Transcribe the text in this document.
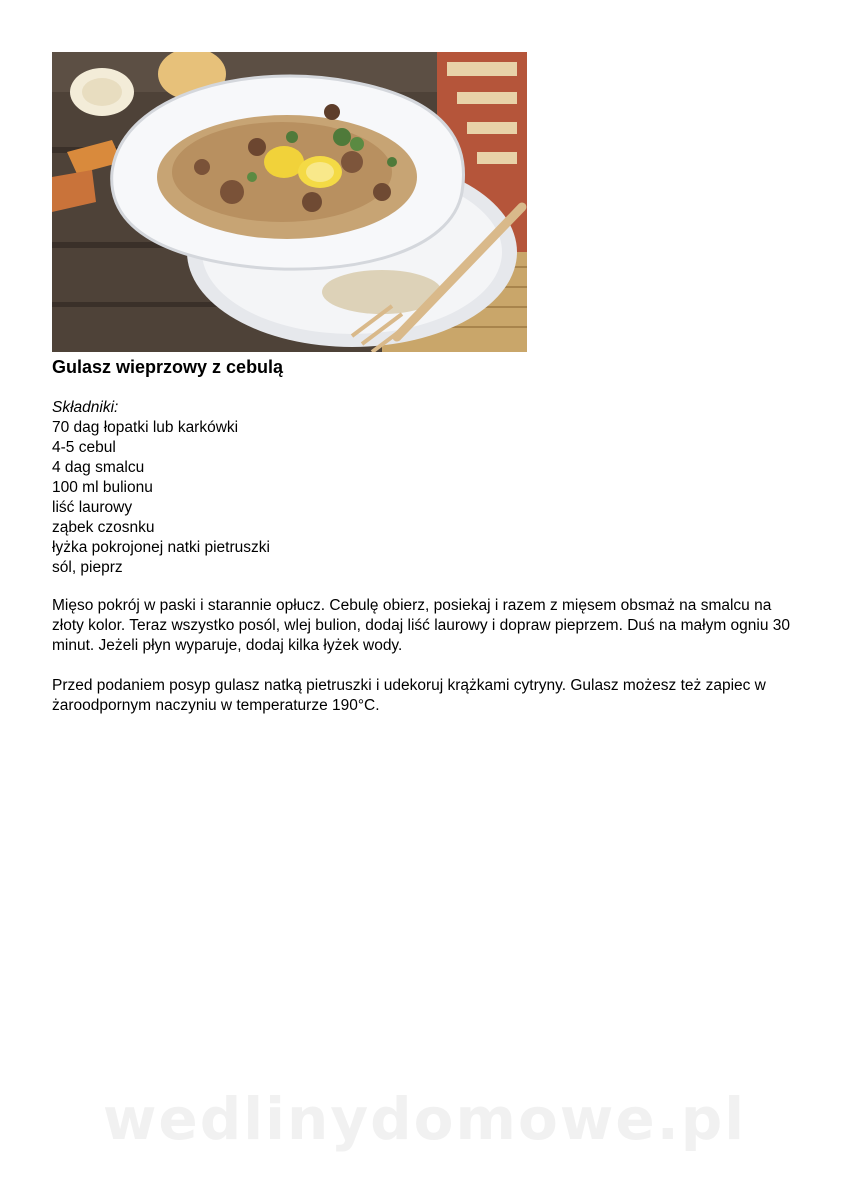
Gulasz wieprzowy z cebulą
Składniki:
70 dag łopatki lub karkówki
4-5 cebul
4 dag smalcu
100 ml bulionu
liść laurowy
ząbek czosnku
łyżka pokrojonej natki pietruszki
sól, pieprz

Mięso pokrój w paski i starannie opłucz. Cebulę obierz, posiekaj i razem z mięsem obsmaż na smalcu na złoty kolor. Teraz wszystko posól, wlej bulion, dodaj liść laurowy i dopraw pieprzem. Duś na małym ogniu 30 minut. Jeżeli płyn wyparuje, dodaj kilka łyżek wody.

Przed podaniem posyp gulasz natką pietruszki i udekoruj krążkami cytryny. Gulasz możesz też zapiec w żaroodpornym naczyniu w temperaturze 190°C.

wedlinydomowe.pl
